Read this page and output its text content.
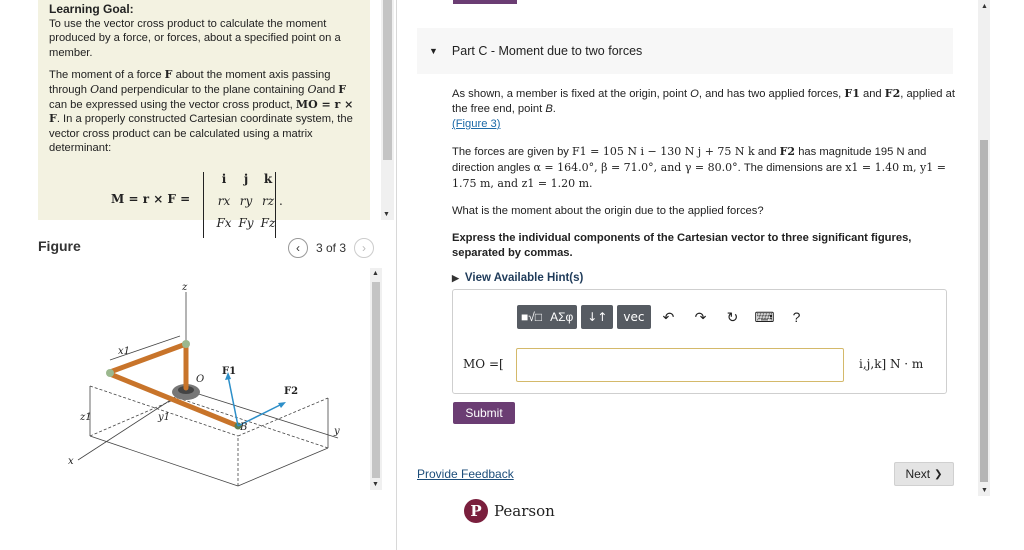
Learning Goal:

To use the vector cross product to calculate the moment produced by a force, or forces, about a specified point on a member.

The moment of a force F about the moment axis passing through Oand perpendicular to the plane containing Oand F can be expressed using the vector cross product, MO = r × F. In a properly constructed Cartesian coordinate system, the vector cross product can be calculated using a matrix determinant:

M = r × F =
i	j	k
rx ry rz
Fx Fy Fz
.
▼
Figure	‹ 3 of 3 ›
z
x1
O
F1
F2
z1	y1
B	y
x
▲
▼
▼ Part C - Moment due to two forces

As shown, a member is fixed at the origin, point O, and has two applied forces, F1 and F2, applied at the free end, point B.
(Figure 3)

The forces are given by F1 = 105 N i − 130 N j + 75 N k and F2 has magnitude 195 N and direction angles α = 164.0°, β = 71.0°, and γ = 80.0°. The dimensions are x1 = 1.40 m, y1 = 1.75 m, and z1 = 1.20 m.

What is the moment about the origin due to the applied forces?

Express the individual components of the Cartesian vector to three significant figures, separated by commas.

▶ View Available Hint(s)
■√□ ΑΣφ	↓↑	vec	↶	↷	↻	⌨	?
MO =[	i,j,k] N · m
Submit
Provide Feedback	Next ❯
P Pearson
▲
▼
